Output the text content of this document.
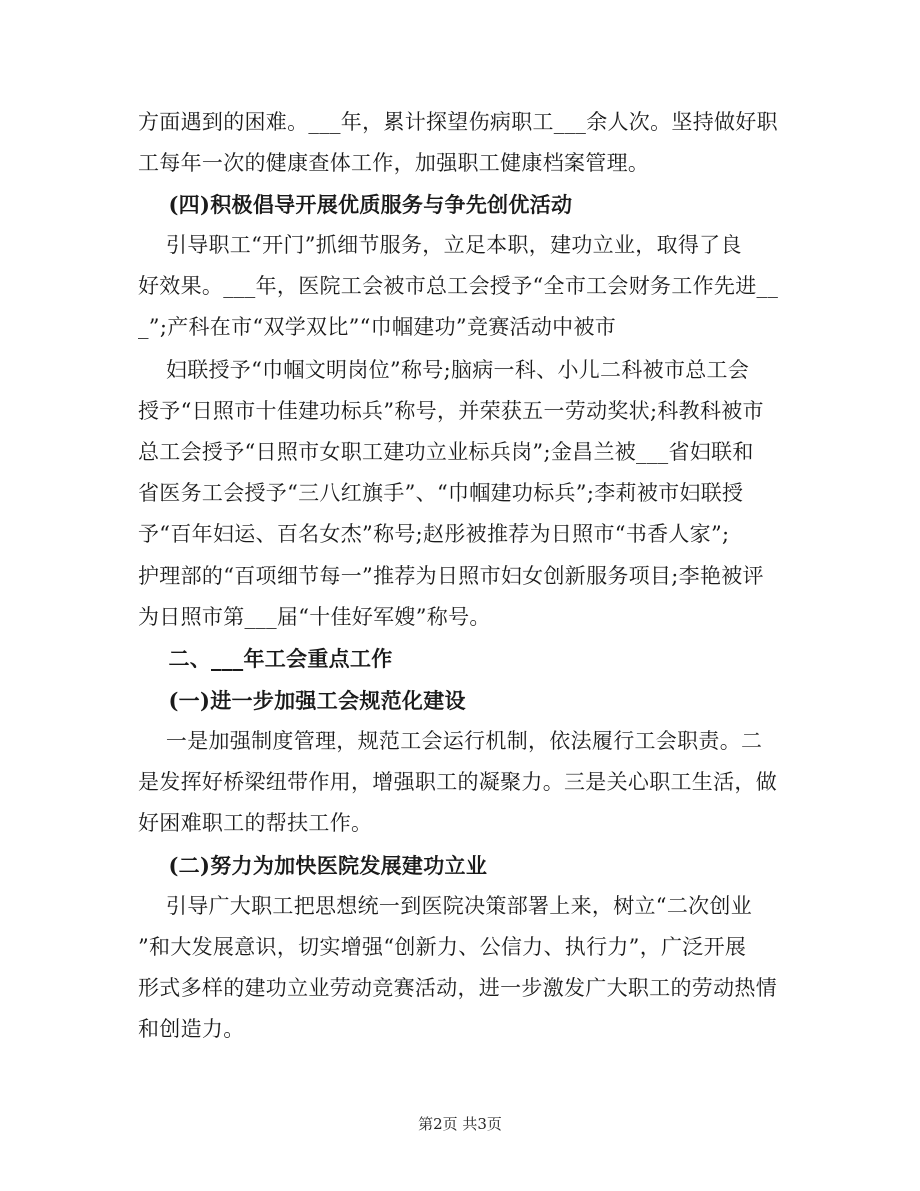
方面遇到的困难。___年，累计探望伤病职工___余人次。坚持做好职
工每年一次的健康查体工作，加强职工健康档案管理。
(四)积极倡导开展优质服务与争先创优活动
引导职工“开门”抓细节服务，立足本职，建功立业，取得了良
好效果。___年，医院工会被市总工会授予“全市工会财务工作先进__
_”;产科在市“双学双比”“巾帼建功”竞赛活动中被市
妇联授予“巾帼文明岗位”称号;脑病一科、小儿二科被市总工会
授予“日照市十佳建功标兵”称号，并荣获五一劳动奖状;科教科被市
总工会授予“日照市女职工建功立业标兵岗”;金昌兰被___省妇联和
省医务工会授予“三八红旗手”、“巾帼建功标兵”;李莉被市妇联授
予“百年妇运、百名女杰”称号;赵彤被推荐为日照市“书香人家”;
护理部的“百项细节每一”推荐为日照市妇女创新服务项目;李艳被评
为日照市第___届“十佳好军嫂”称号。
二、___年工会重点工作
(一)进一步加强工会规范化建设
一是加强制度管理，规范工会运行机制，依法履行工会职责。二
是发挥好桥梁纽带作用，增强职工的凝聚力。三是关心职工生活，做
好困难职工的帮扶工作。
(二)努力为加快医院发展建功立业
引导广大职工把思想统一到医院决策部署上来，树立“二次创业
”和大发展意识，切实增强“创新力、公信力、执行力”，广泛开展
形式多样的建功立业劳动竞赛活动，进一步激发广大职工的劳动热情
和创造力。
第2页 共3页
